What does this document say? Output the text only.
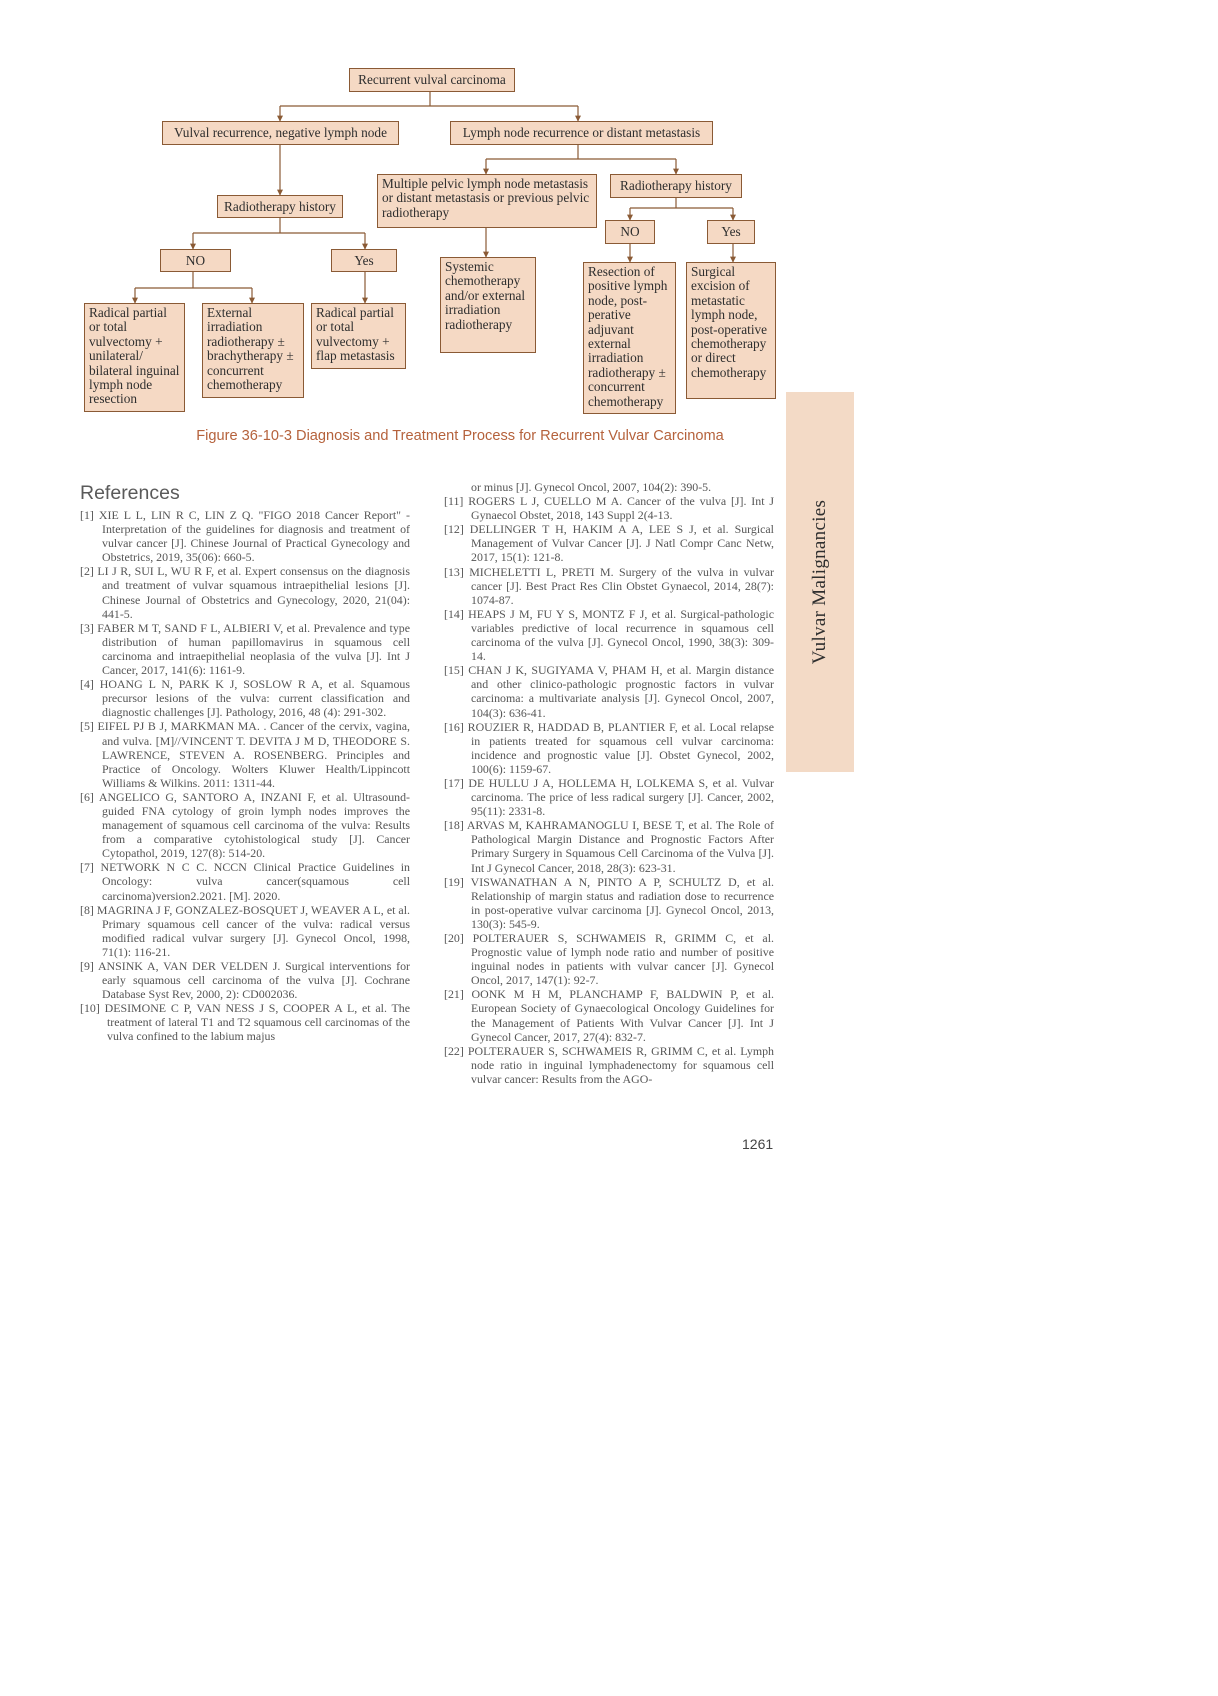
Recurrent vulval carcinoma
Vulval recurrence, negative lymph node	Lymph node recurrence or distant metastasis
Radiotherapy history
NO	Yes
Radical partial or total vulvectomy + unilateral/ bilateral inguinal lymph node resection
External irradiation radiotherapy ± brachytherapy ± concurrent chemotherapy
Radical partial or total vulvectomy + flap metastasis
Multiple pelvic lymph node metastasis or distant metastasis or previous pelvic radiotherapy
Radiotherapy history
NO	Yes
Systemic chemotherapy and/or external irradiation radiotherapy
Resection of positive lymph node, post-perative adjuvant external irradiation radiotherapy ± concurrent chemotherapy
Surgical excision of metastatic lymph node, post-operative chemotherapy or direct chemotherapy
Figure 36-10-3 Diagnosis and Treatment Process for Recurrent Vulvar Carcinoma
Vulvar Malignancies
References
[1] XIE L L, LIN R C, LIN Z Q. "FIGO 2018 Cancer Report" - Interpretation of the guidelines for diagnosis and treatment of vulvar cancer [J]. Chinese Journal of Practical Gynecology and Obstetrics, 2019, 35(06): 660-5.
[2] LI J R, SUI L, WU R F, et al. Expert consensus on the diagnosis and treatment of vulvar squamous intraepithelial lesions [J]. Chinese Journal of Obstetrics and Gynecology, 2020, 21(04): 441-5.
[3] FABER M T, SAND F L, ALBIERI V, et al. Prevalence and type distribution of human papillomavirus in squamous cell carcinoma and intraepithelial neoplasia of the vulva [J]. Int J Cancer, 2017, 141(6): 1161-9.
[4] HOANG L N, PARK K J, SOSLOW R A, et al. Squamous precursor lesions of the vulva: current classification and diagnostic challenges [J]. Pathology, 2016, 48 (4): 291-302.
[5] EIFEL PJ B J, MARKMAN MA. . Cancer of the cervix, vagina, and vulva. [M]//VINCENT T. DEVITA J M D, THEODORE S. LAWRENCE, STEVEN A. ROSENBERG. Principles and Practice of Oncology. Wolters Kluwer Health/Lippincott Williams & Wilkins. 2011: 1311-44.
[6] ANGELICO G, SANTORO A, INZANI F, et al. Ultrasound-guided FNA cytology of groin lymph nodes improves the management of squamous cell carcinoma of the vulva: Results from a comparative cytohistological study [J]. Cancer Cytopathol, 2019, 127(8): 514-20.
[7] NETWORK N C C. NCCN Clinical Practice Guidelines in Oncology: vulva cancer(squamous cell carcinoma)version2.2021. [M]. 2020.
[8] MAGRINA J F, GONZALEZ-BOSQUET J, WEAVER A L, et al. Primary squamous cell cancer of the vulva: radical versus modified radical vulvar surgery [J]. Gynecol Oncol, 1998, 71(1): 116-21.
[9] ANSINK A, VAN DER VELDEN J. Surgical interventions for early squamous cell carcinoma of the vulva [J]. Cochrane Database Syst Rev, 2000, 2): CD002036.
[10] DESIMONE C P, VAN NESS J S, COOPER A L, et al. The treatment of lateral T1 and T2 squamous cell carcinomas of the vulva confined to the labium majus
or minus [J]. Gynecol Oncol, 2007, 104(2): 390-5.
[11] ROGERS L J, CUELLO M A. Cancer of the vulva [J]. Int J Gynaecol Obstet, 2018, 143 Suppl 2(4-13.
[12] DELLINGER T H, HAKIM A A, LEE S J, et al. Surgical Management of Vulvar Cancer [J]. J Natl Compr Canc Netw, 2017, 15(1): 121-8.
[13] MICHELETTI L, PRETI M. Surgery of the vulva in vulvar cancer [J]. Best Pract Res Clin Obstet Gynaecol, 2014, 28(7): 1074-87.
[14] HEAPS J M, FU Y S, MONTZ F J, et al. Surgical-pathologic variables predictive of local recurrence in squamous cell carcinoma of the vulva [J]. Gynecol Oncol, 1990, 38(3): 309-14.
[15] CHAN J K, SUGIYAMA V, PHAM H, et al. Margin distance and other clinico-pathologic prognostic factors in vulvar carcinoma: a multivariate analysis [J]. Gynecol Oncol, 2007, 104(3): 636-41.
[16] ROUZIER R, HADDAD B, PLANTIER F, et al. Local relapse in patients treated for squamous cell vulvar carcinoma: incidence and prognostic value [J]. Obstet Gynecol, 2002, 100(6): 1159-67.
[17] DE HULLU J A, HOLLEMA H, LOLKEMA S, et al. Vulvar carcinoma. The price of less radical surgery [J]. Cancer, 2002, 95(11): 2331-8.
[18] ARVAS M, KAHRAMANOGLU I, BESE T, et al. The Role of Pathological Margin Distance and Prognostic Factors After Primary Surgery in Squamous Cell Carcinoma of the Vulva [J]. Int J Gynecol Cancer, 2018, 28(3): 623-31.
[19] VISWANATHAN A N, PINTO A P, SCHULTZ D, et al. Relationship of margin status and radiation dose to recurrence in post-operative vulvar carcinoma [J]. Gynecol Oncol, 2013, 130(3): 545-9.
[20] POLTERAUER S, SCHWAMEIS R, GRIMM C, et al. Prognostic value of lymph node ratio and number of positive inguinal nodes in patients with vulvar cancer [J]. Gynecol Oncol, 2017, 147(1): 92-7.
[21] OONK M H M, PLANCHAMP F, BALDWIN P, et al. European Society of Gynaecological Oncology Guidelines for the Management of Patients With Vulvar Cancer [J]. Int J Gynecol Cancer, 2017, 27(4): 832-7.
[22] POLTERAUER S, SCHWAMEIS R, GRIMM C, et al. Lymph node ratio in inguinal lymphadenectomy for squamous cell vulvar cancer: Results from the AGO-
1261
